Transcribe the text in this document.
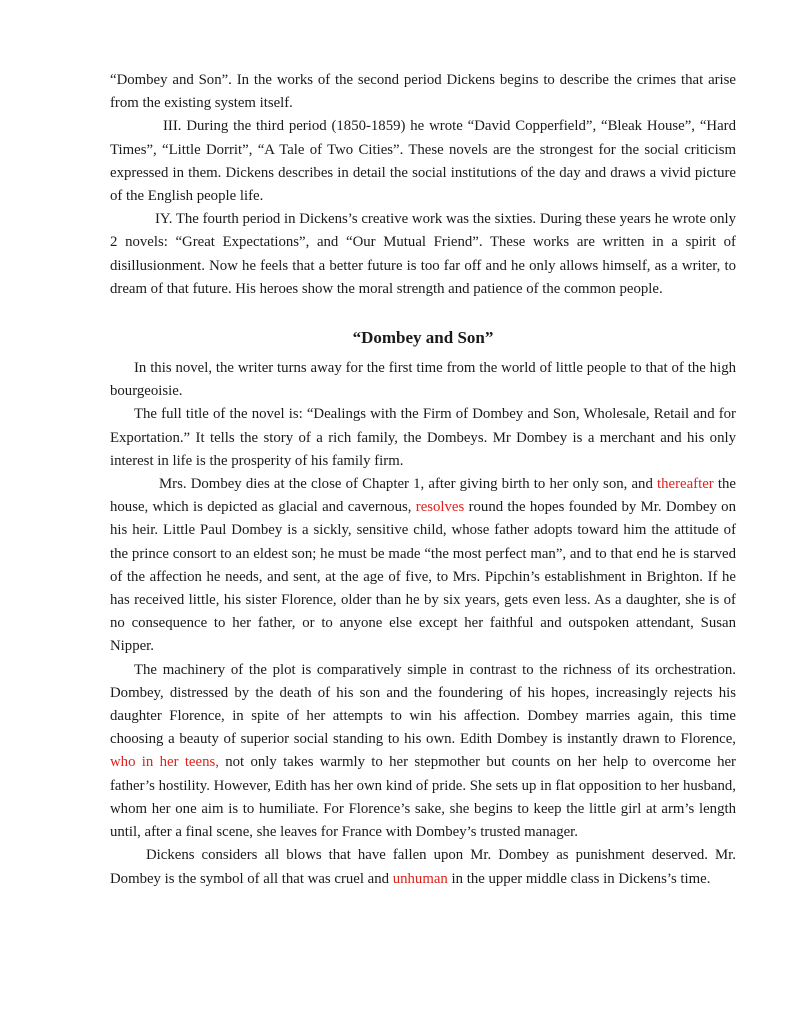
“Dombey and Son”. In the works of the second period Dickens begins to describe the crimes that arise from the existing system itself.

III. During the third period (1850-1859) he wrote “David Copperfield”, “Bleak House”, “Hard Times”, “Little Dorrit”, “A Tale of Two Cities”. These novels are the strongest for the social criticism expressed in them. Dickens describes in detail the social institutions of the day and draws a vivid picture of the English people life.

IY. The fourth period in Dickens’s creative work was the sixties. During these years he wrote only 2 novels: “Great Expectations”, and “Our Mutual Friend”. These works are written in a spirit of disillusionment. Now he feels that a better future is too far off and he only allows himself, as a writer, to dream of that future. His heroes show the moral strength and patience of the common people.

“Dombey and Son”

In this novel, the writer turns away for the first time from the world of little people to that of the high bourgeoisie.

The full title of the novel is: “Dealings with the Firm of Dombey and Son, Wholesale, Retail and for Exportation.” It tells the story of a rich family, the Dombeys. Mr Dombey is a merchant and his only interest in life is the prosperity of his family firm.

Mrs. Dombey dies at the close of Chapter 1, after giving birth to her only son, and thereafter the house, which is depicted as glacial and cavernous, resolves round the hopes founded by Mr. Dombey on his heir. Little Paul Dombey is a sickly, sensitive child, whose father adopts toward him the attitude of the prince consort to an eldest son; he must be made “the most perfect man”, and to that end he is starved of the affection he needs, and sent, at the age of five, to Mrs. Pipchin’s establishment in Brighton. If he has received little, his sister Florence, older than he by six years, gets even less. As a daughter, she is of no consequence to her father, or to anyone else except her faithful and outspoken attendant, Susan Nipper.

The machinery of the plot is comparatively simple in contrast to the richness of its orchestration. Dombey, distressed by the death of his son and the foundering of his hopes, increasingly rejects his daughter Florence, in spite of her attempts to win his affection. Dombey marries again, this time choosing a beauty of superior social standing to his own. Edith Dombey is instantly drawn to Florence, who in her teens, not only takes warmly to her stepmother but counts on her help to overcome her father’s hostility. However, Edith has her own kind of pride. She sets up in flat opposition to her husband, whom her one aim is to humiliate. For Florence’s sake, she begins to keep the little girl at arm’s length until, after a final scene, she leaves for France with Dombey’s trusted manager.

Dickens considers all blows that have fallen upon Mr. Dombey as punishment deserved. Mr. Dombey is the symbol of all that was cruel and unhuman in the upper middle class in Dickens’s time.
